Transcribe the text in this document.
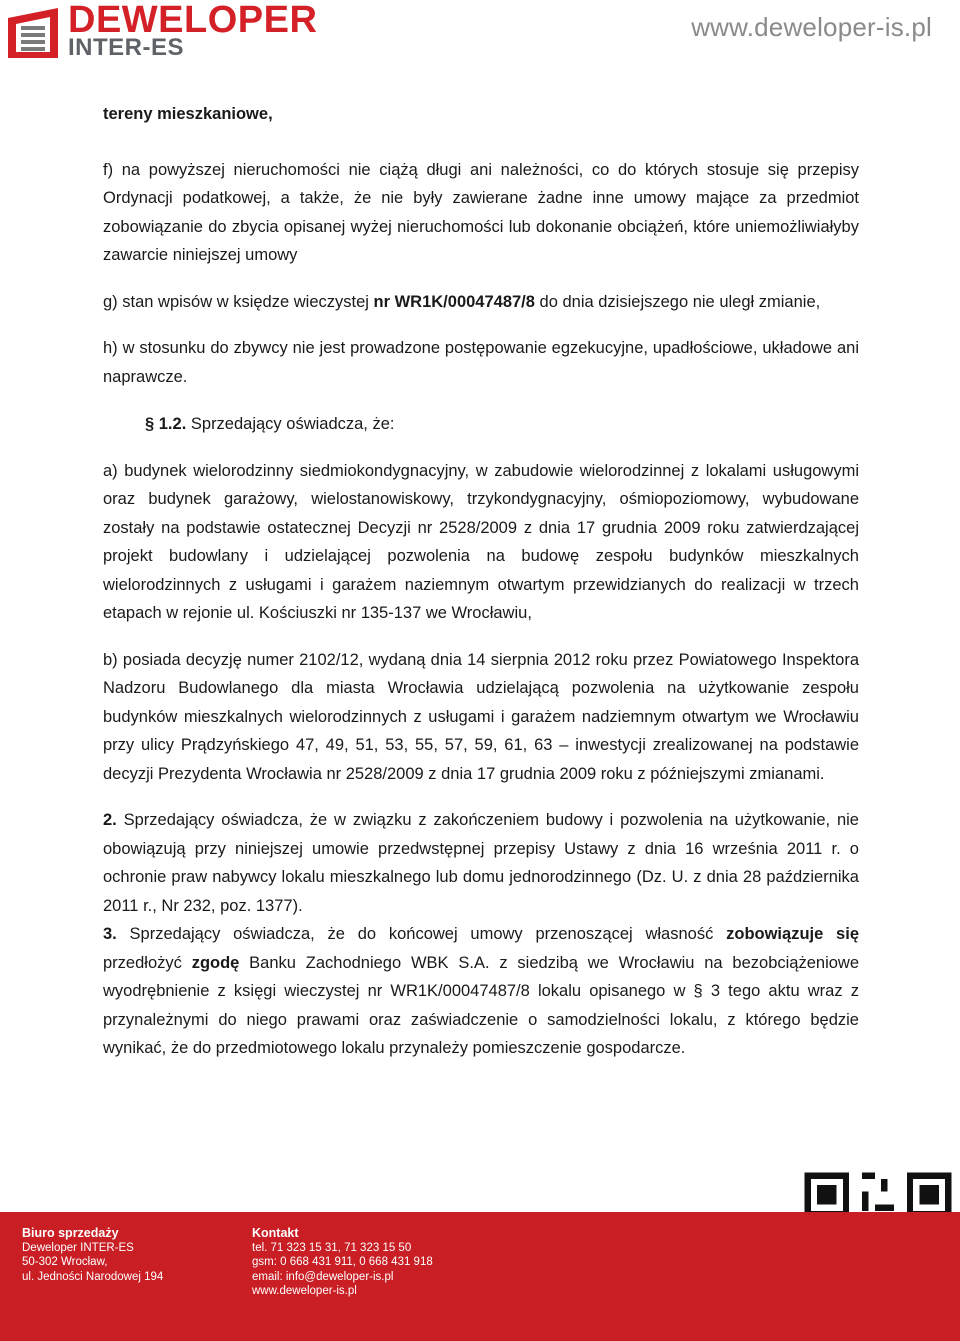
DEWELOPER
INTER-ES
www.deweloper-is.pl

tereny mieszkaniowe,

f) na powyższej nieruchomości nie ciążą długi ani należności, co do których stosuje się przepisy Ordynacji podatkowej, a także, że nie były zawierane żadne inne umowy mające za przedmiot zobowiązanie do zbycia opisanej wyżej nieruchomości lub dokonanie obciążeń, które uniemożliwiałyby zawarcie niniejszej umowy

g) stan wpisów w księdze wieczystej nr WR1K/00047487/8 do dnia dzisiejszego nie uległ zmianie,

h) w stosunku do zbywcy nie jest prowadzone postępowanie egzekucyjne, upadłościowe, układowe ani naprawcze.

§ 1.2. Sprzedający oświadcza, że:

a) budynek wielorodzinny siedmiokondygnacyjny, w zabudowie wielorodzinnej z lokalami usługowymi oraz budynek garażowy, wielostanowiskowy, trzykondygnacyjny, ośmiopoziomowy, wybudowane zostały na podstawie ostatecznej Decyzji nr 2528/2009 z dnia 17 grudnia 2009 roku zatwierdzającej projekt budowlany i udzielającej pozwolenia na budowę zespołu budynków mieszkalnych wielorodzinnych z usługami i garażem naziemnym otwartym przewidzianych do realizacji w trzech etapach w rejonie ul. Kościuszki nr 135-137 we Wrocławiu,

b) posiada decyzję numer 2102/12, wydaną dnia 14 sierpnia 2012 roku przez Powiatowego Inspektora Nadzoru Budowlanego dla miasta Wrocławia udzielającą pozwolenia na użytkowanie zespołu budynków mieszkalnych wielorodzinnych z usługami i garażem nadziemnym otwartym we Wrocławiu przy ulicy Prądzyńskiego 47, 49, 51, 53, 55, 57, 59, 61, 63 – inwestycji zrealizowanej na podstawie decyzji Prezydenta Wrocławia nr 2528/2009 z dnia 17 grudnia 2009 roku z późniejszymi zmianami.

2. Sprzedający oświadcza, że w związku z zakończeniem budowy i pozwolenia na użytkowanie, nie obowiązują przy niniejszej umowie przedwstępnej przepisy Ustawy z dnia 16 września 2011 r. o ochronie praw nabywcy lokalu mieszkalnego lub domu jednorodzinnego (Dz. U. z dnia 28 października 2011 r., Nr 232, poz. 1377).

3. Sprzedający oświadcza, że do końcowej umowy przenoszącej własność zobowiązuje się przedłożyć zgodę Banku Zachodniego WBK S.A. z siedzibą we Wrocławiu na bezobciążeniowe wyodrębnienie z księgi wieczystej nr WR1K/00047487/8 lokalu opisanego w § 3 tego aktu wraz z przynależnymi do niego prawami oraz zaświadczenie o samodzielności lokalu, z którego będzie wynikać, że do przedmiotowego lokalu przynależy pomieszczenie gospodarcze.

Biuro sprzedaży
Deweloper INTER-ES
50-302 Wrocław,
ul. Jedności Narodowej 194
Kontakt
tel. 71 323 15 31, 71 323 15 50
gsm: 0 668 431 911, 0 668 431 918
email: info@deweloper-is.pl
www.deweloper-is.pl
